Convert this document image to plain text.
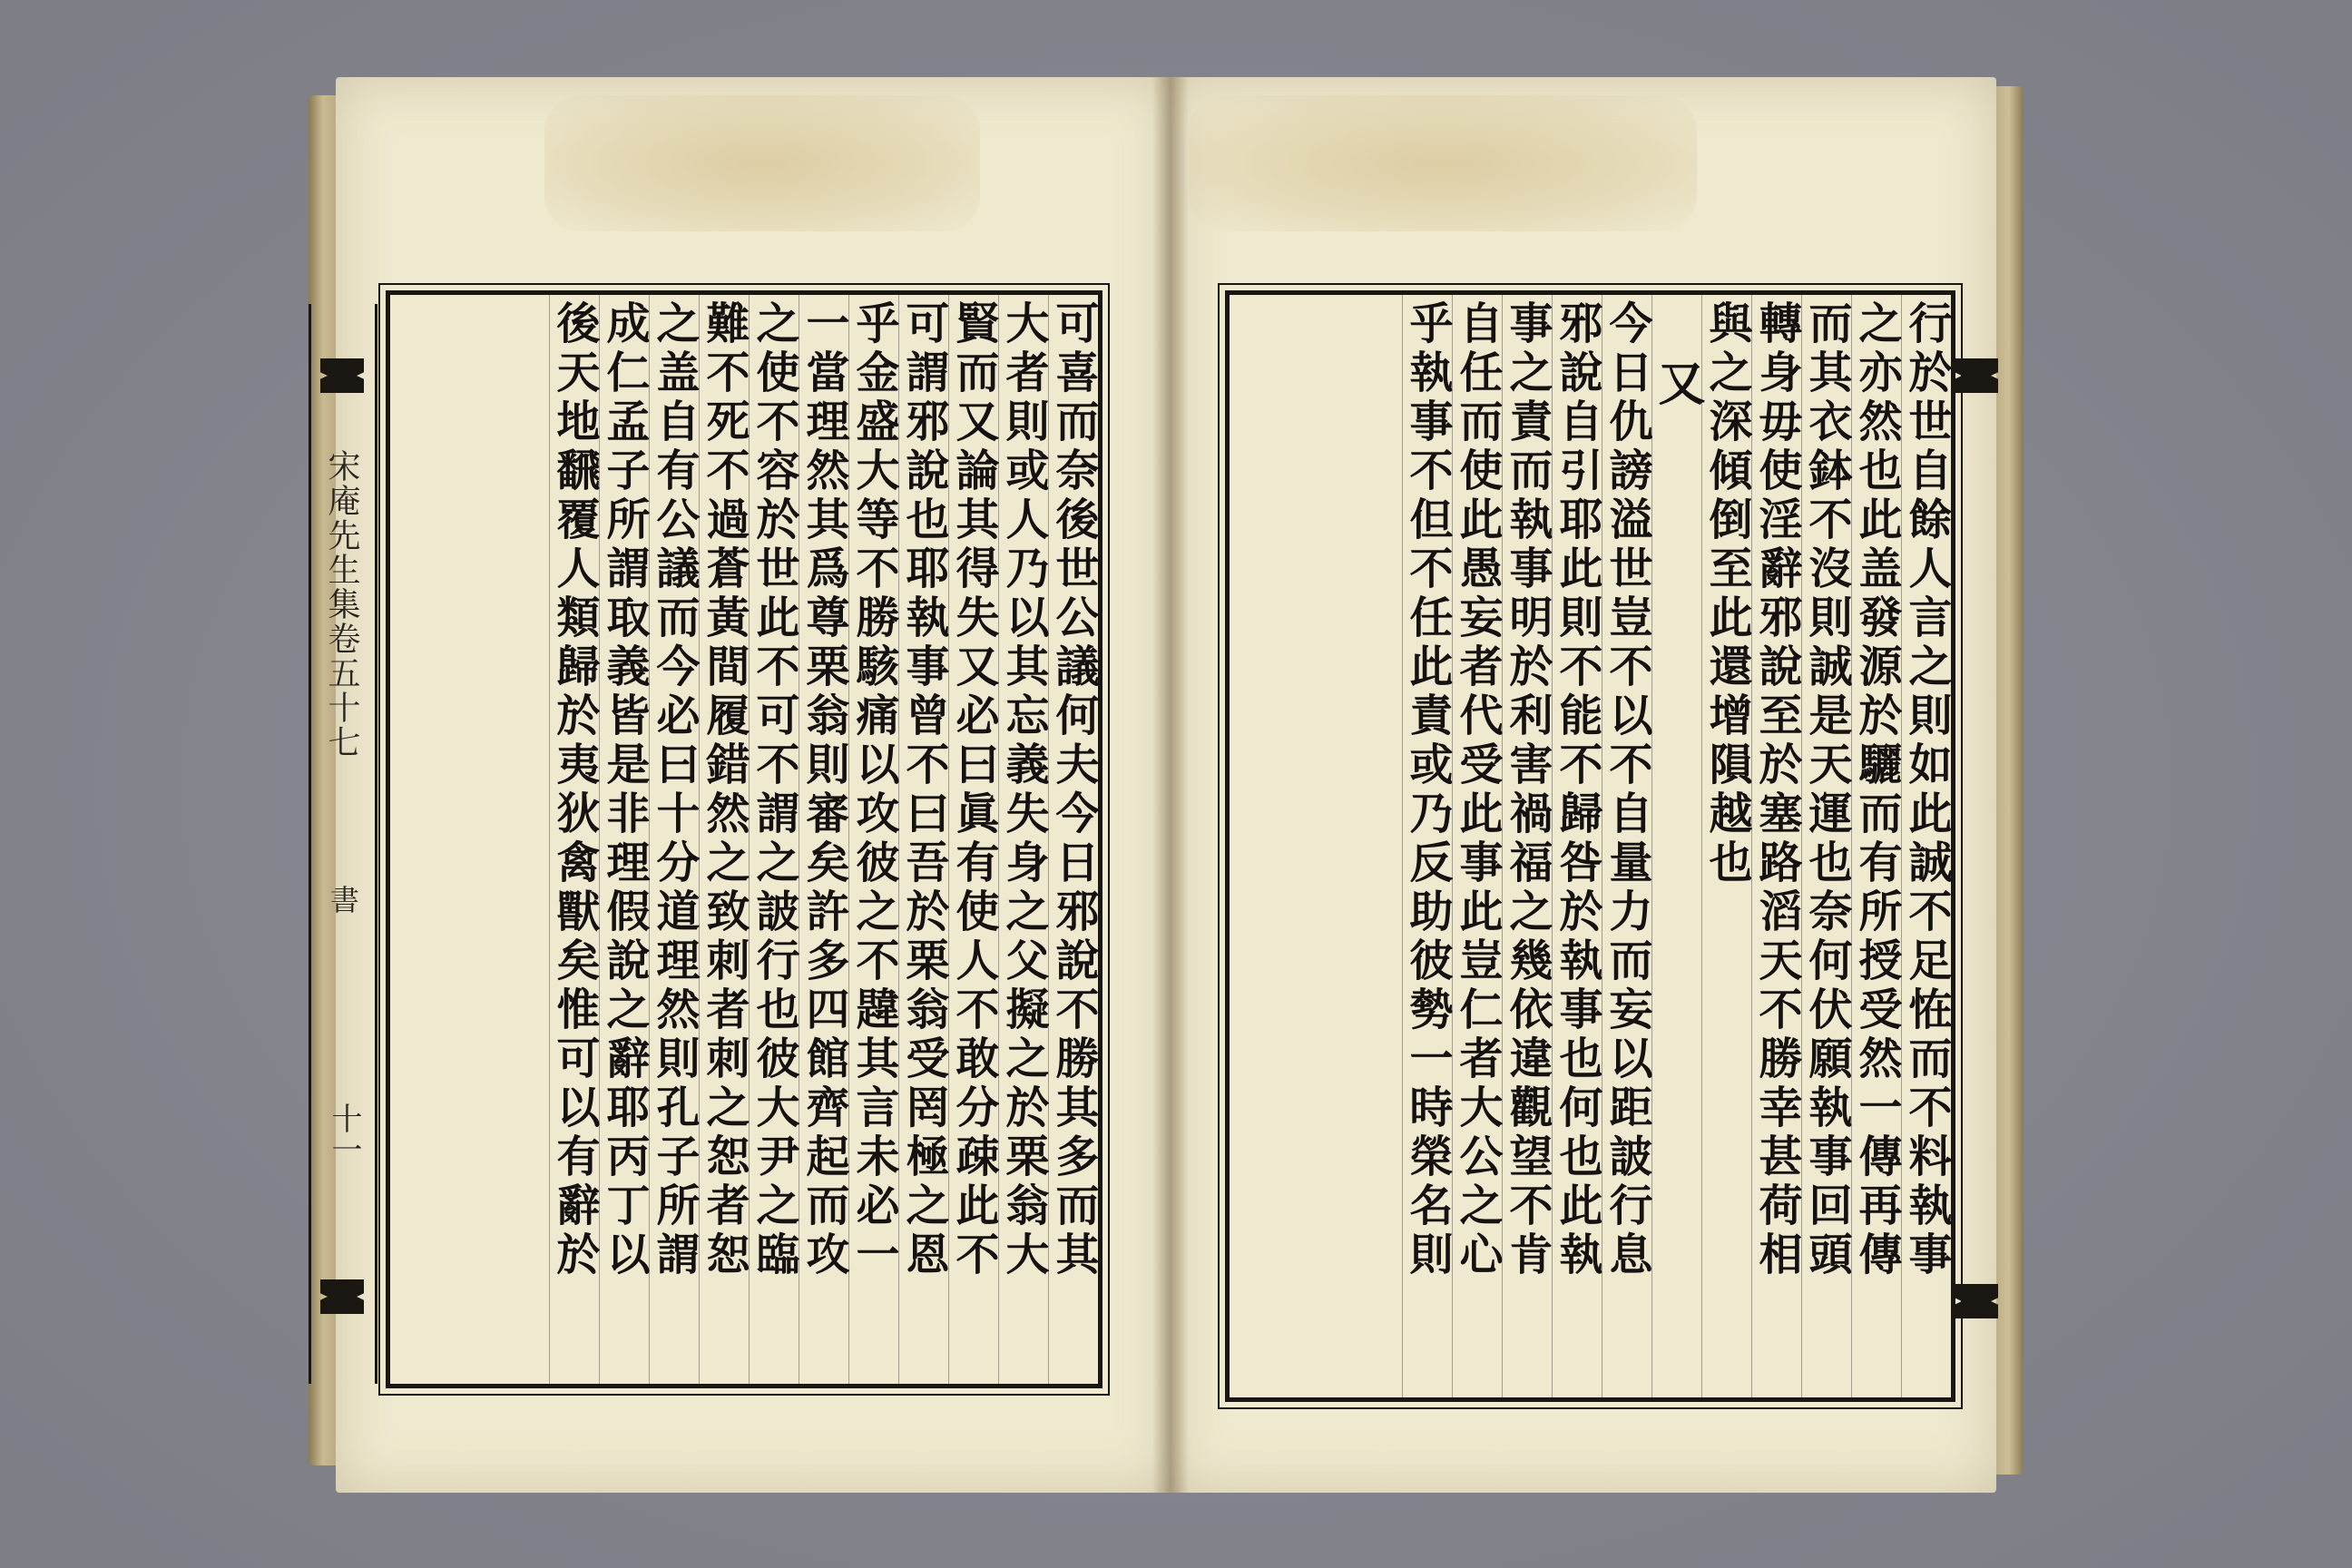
宋庵先生集卷五十七
書
十一	可喜而奈後世公議何夫今日邪說不勝其多而其
大者則或人乃以其忘義失身之父擬之於栗翁大
賢而又論其得失又必曰眞有使人不敢分疎此不
可謂邪說也耶執事曾不曰吾於栗翁受罔極之恩
乎金盛大等不勝駭痛以攻彼之不韙其言未必一
一當理然其爲尊栗翁則審矣許多四館齊起而攻
之使不容於世此不可不謂之詖行也彼大尹之臨
難不死不過蒼黃間履錯然之致刺者刺之恕者恕
之盖自有公議而今必曰十分道理然則孔子所謂
成仁孟子所謂取義皆是非理假說之辭耶丙丁以
後天地飜覆人類歸於夷狄禽獸矣惟可以有辭於	行於世自餘人言之則如此誠不足恠而不料執事
之亦然也此盖發源於驪而有所授受然一傳再傳
而其衣鉢不沒則誠是天運也奈何伏願執事回頭
轉身毋使淫辭邪說至於塞路滔天不勝幸甚荷相
與之深傾倒至此還增隕越也
又
今日仇謗溢世豈不以不自量力而妄以距詖行息
邪說自引耶此則不能不歸咎於執事也何也此執
事之責而執事明於利害禍福之幾依違觀望不肯
自任而使此愚妄者代受此事此豈仁者大公之心
乎執事不但不任此責或乃反助彼勢一時榮名則
